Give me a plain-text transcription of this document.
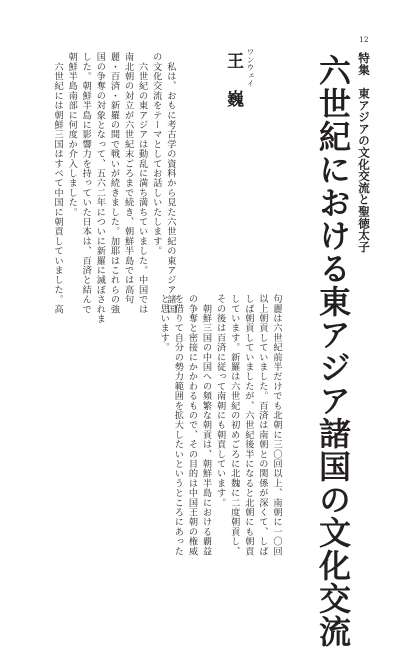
12
特集　東アジアの文化交流と聖徳太子
六世紀における東アジア諸国の文化交流
ワンウェイ
王　巍

句麗は六世紀前半だけでも北朝に三〇回以上、南朝に一〇回

以上朝貢していました。百済は南朝との関係が深くて、しば

しば朝貢していましたが、六世紀後半になると北朝にも朝貢

しています。新羅は六世紀の初めごろに北魏に二度朝貢し、

その後は百済に従って南朝にも朝貢しています。

　朝鮮三国の中国への頻繁な朝貢は、朝鮮半島における覇益

の争奪と密接にかかわるもので、その目的は中国王朝の権威

を借りて自分の勢力範囲を拡大したいというところにあった

と思います。

　私は、おもに考古学の資料から見た六世紀の東アジア諸国

の文化交流をテーマとしてお話しいたします。

　六世紀の東アジアは動乱に満ち満ちていました。中国では

南北朝の対立が六世紀末ごろまで続き、朝鮮半島では高句

麗・百済・新羅の間で戦いが続きました。加耶はこれらの強

国の争奪の対象となって、五六二年についに新羅に滅ぼされま

した。朝鮮半島に影響力を持っていた日本は、百済と結んで

朝鮮半島南部に何度か介入しました。

　六世紀には朝鮮三国はすべて中国に朝貢していました。高
